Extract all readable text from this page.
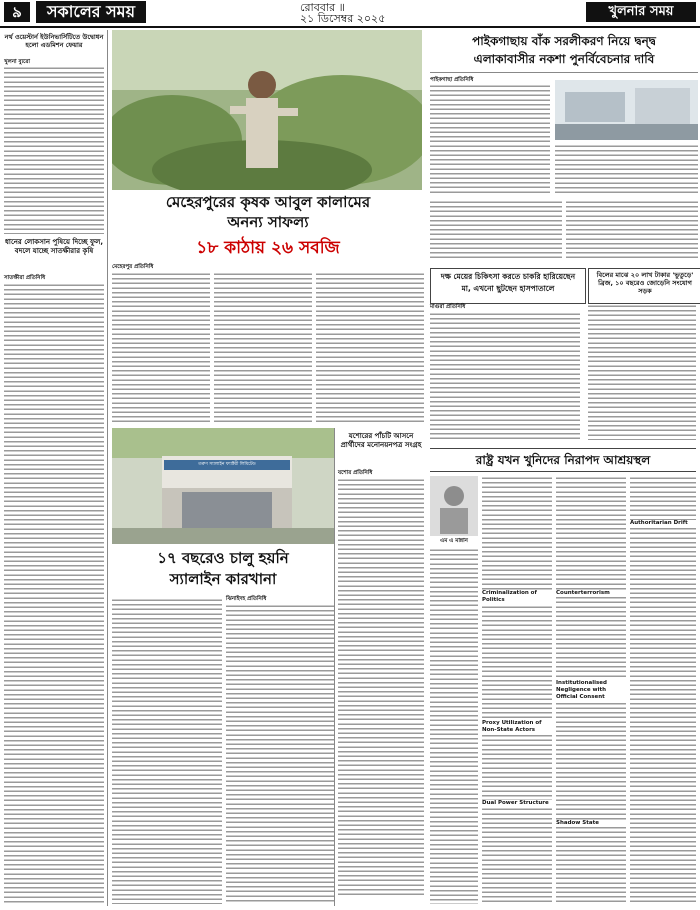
৯	সকালের সময়	রোববার ॥
২১ ডিসেম্বর ২০২৫	খুলনার সময়
নর্থ ওয়েস্টার্ন ইউনিভার্সিটিতে উদ্বোধন হলো এডমিশন ফেয়ার
খুলনা ব্যুরো
ধানের লোকসান পুষিয়ে দিচ্ছে ফুল, বদলে যাচ্ছে সাতক্ষীরার কৃষি
সাতক্ষীরা প্রতিনিধি
পাইকগাছায় বাঁক সরলীকরণ নিয়ে দ্বন্দ্ব
এলাকাবাসীর নকশা পুনর্বিবেচনার দাবি
পাইকগাছা প্রতিনিধি
মেহেরপুরের কৃষক আবুল কালামের
অনন্য সাফল্য
১৮ কাঠায় ২৬ সবজি
মেহেরপুর প্রতিনিধি
দক্ষ মেয়ের চিকিৎসা করতে চাকরি হারিয়েছেন
মা, এখনো ছুটছেন হাসপাতালে
মাগুরা প্রতিনিধি
বিলের মাঝে ২০ লাখ টাকার 'ভুতুড়ে' ব্রিজ, ১০ বছরেও জোড়েনি সংযোগ সড়ক
তরুণ স্যালাইন ফ্যাক্টরী লিমিটেড
যশোরের পাঁচটি আসনে প্রার্থীদের মনোনয়নপত্র সংগ্রহ
যশোর প্রতিনিধি
১৭ বছরেও চালু হয়নি
স্যালাইন কারখানা
ঝিনাইদহ প্রতিনিধি
রাষ্ট্র যখন খুনিদের নিরাপদ আশ্রয়স্থল
এম এ মান্নান
Criminalization of Politics
Counterterrorism
Institutionalised Negligence with Official Consent
Proxy Utilization of Non-State Actors
Dual Power Structure
Authoritarian Drift
Shadow State
